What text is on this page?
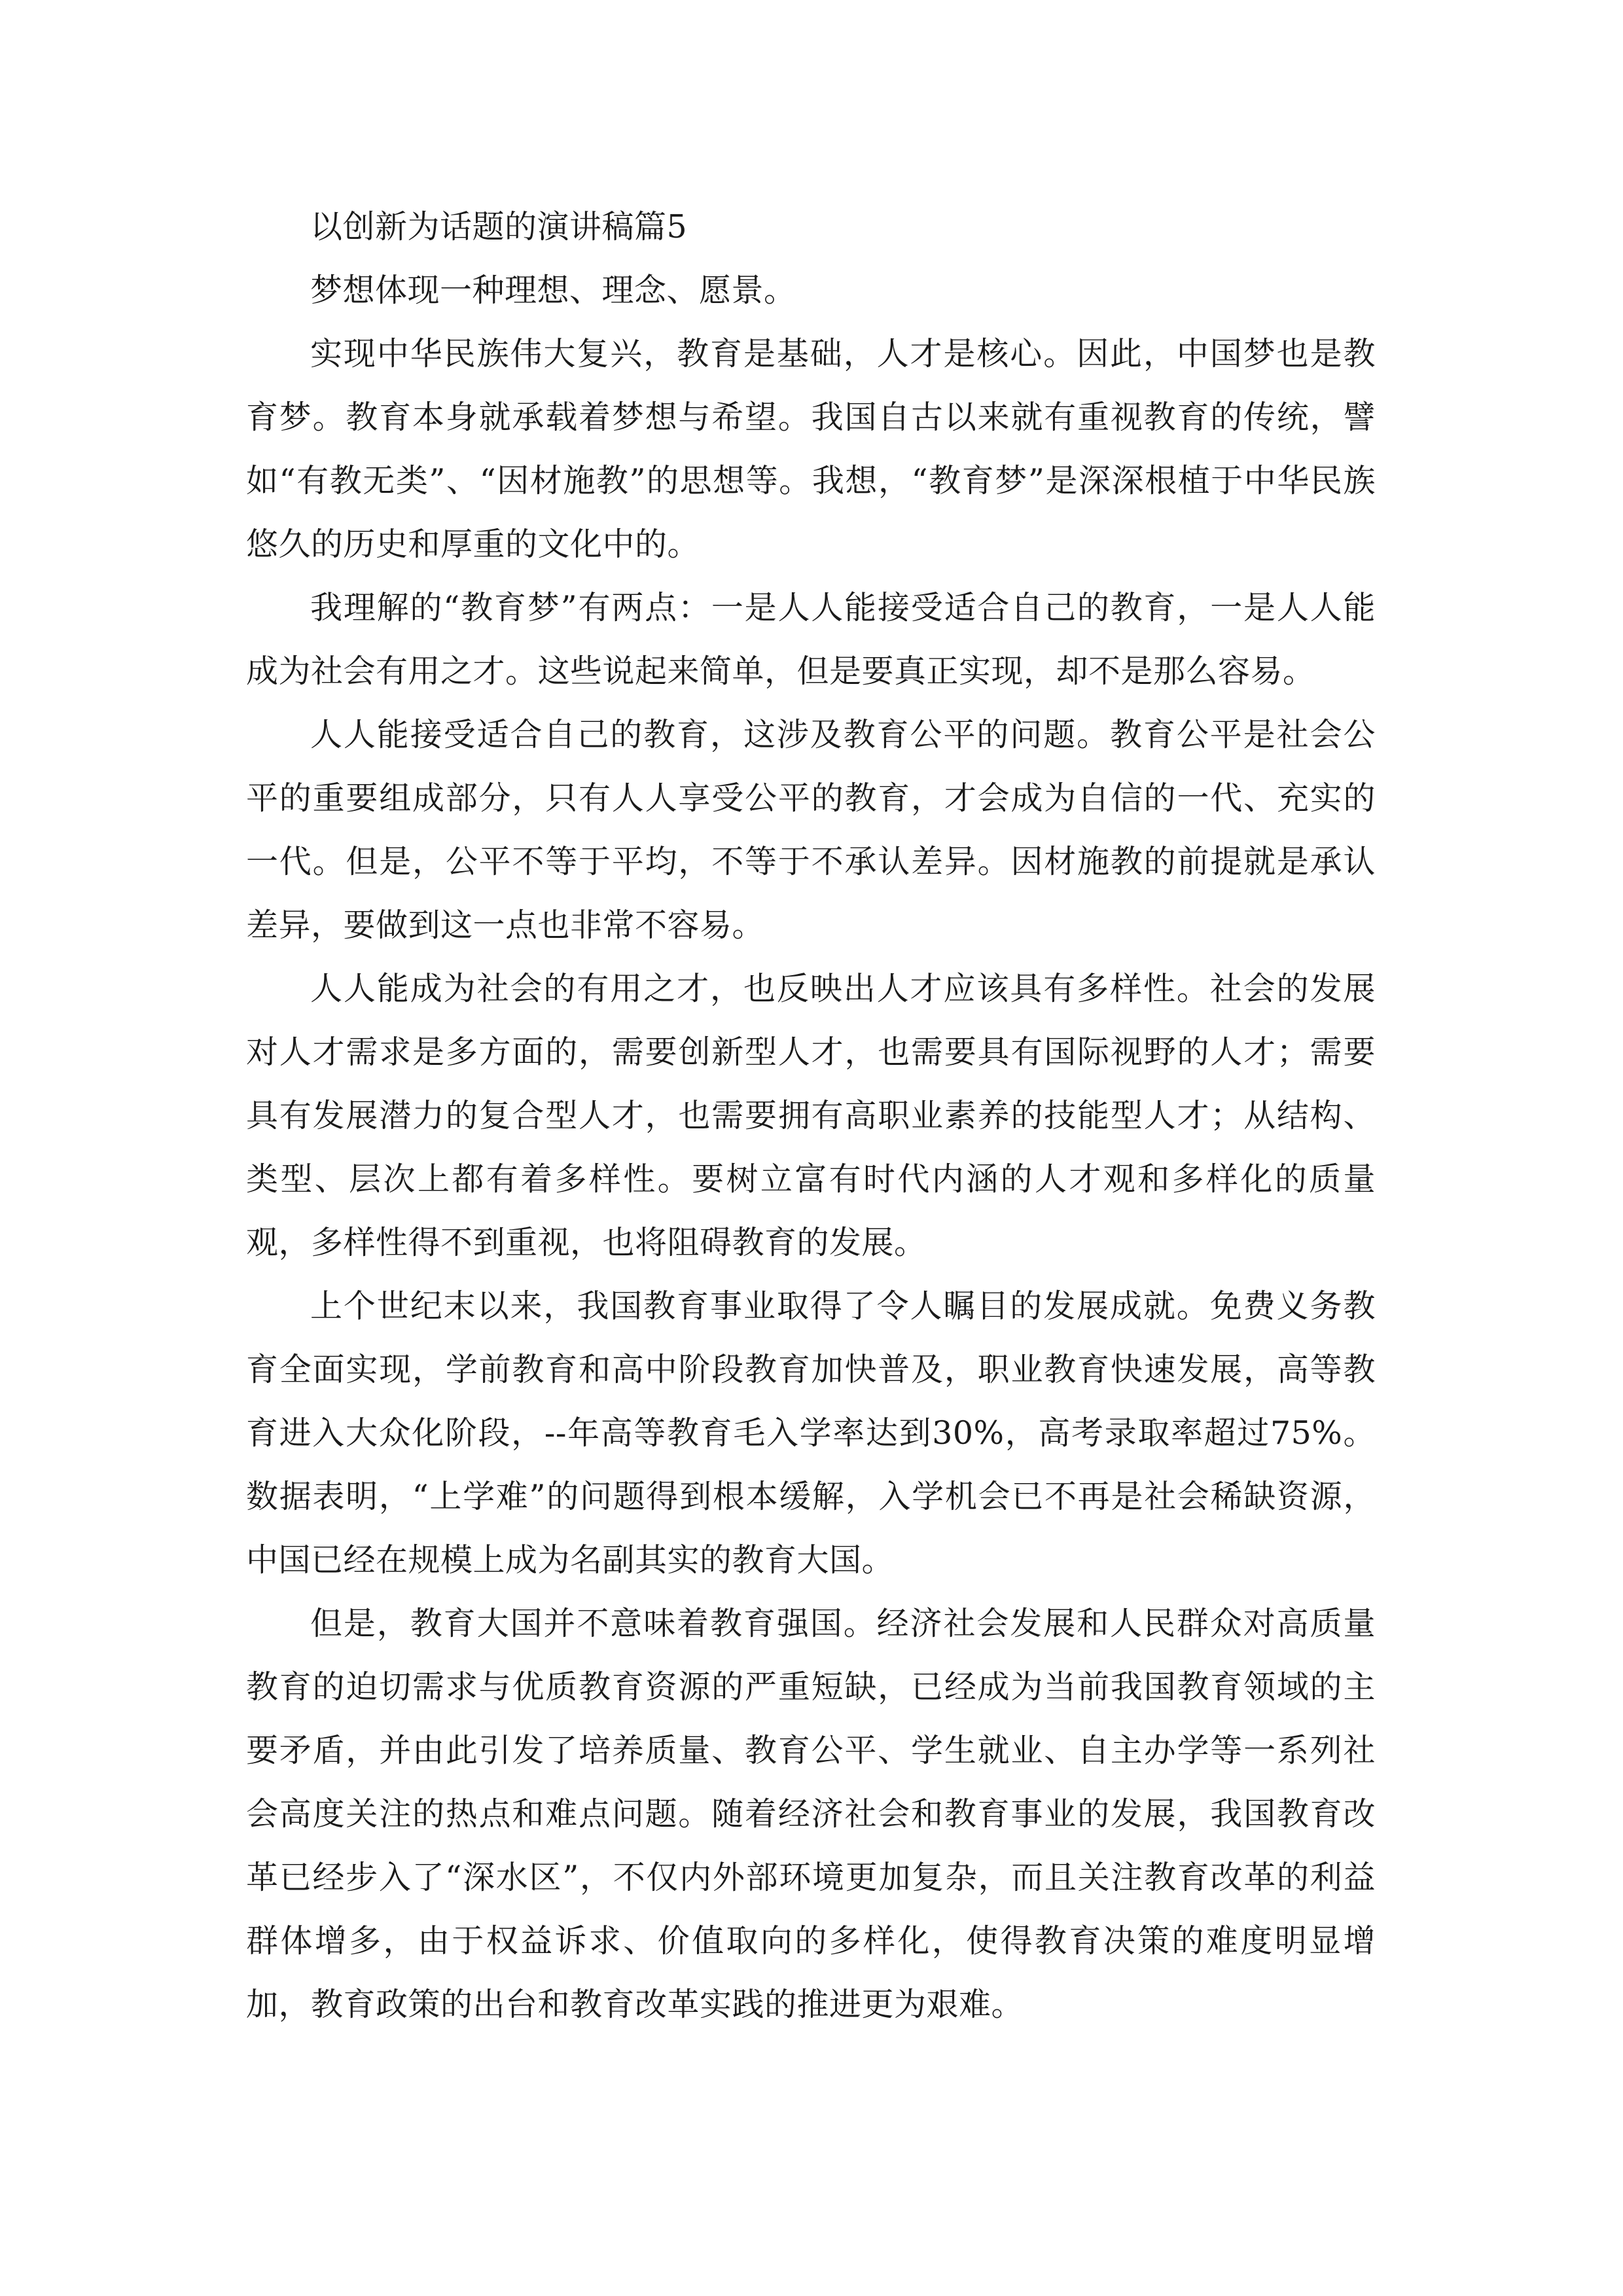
以创新为话题的演讲稿篇5

梦想体现一种理想、理念、愿景。

实现中华民族伟大复兴，教育是基础，人才是核心。因此，中国梦也是教育梦。教育本身就承载着梦想与希望。我国自古以来就有重视教育的传统，譬如“有教无类”、“因材施教”的思想等。我想，“教育梦”是深深根植于中华民族悠久的历史和厚重的文化中的。

我理解的“教育梦”有两点：一是人人能接受适合自己的教育，一是人人能成为社会有用之才。这些说起来简单，但是要真正实现，却不是那么容易。

人人能接受适合自己的教育，这涉及教育公平的问题。教育公平是社会公平的重要组成部分，只有人人享受公平的教育，才会成为自信的一代、充实的一代。但是，公平不等于平均，不等于不承认差异。因材施教的前提就是承认差异，要做到这一点也非常不容易。

人人能成为社会的有用之才，也反映出人才应该具有多样性。社会的发展对人才需求是多方面的，需要创新型人才，也需要具有国际视野的人才；需要具有发展潜力的复合型人才，也需要拥有高职业素养的技能型人才；从结构、类型、层次上都有着多样性。要树立富有时代内涵的人才观和多样化的质量观，多样性得不到重视，也将阻碍教育的发展。

上个世纪末以来，我国教育事业取得了令人瞩目的发展成就。免费义务教育全面实现，学前教育和高中阶段教育加快普及，职业教育快速发展，高等教育进入大众化阶段，--年高等教育毛入学率达到30%，高考录取率超过75%。数据表明，“上学难”的问题得到根本缓解，入学机会已不再是社会稀缺资源，中国已经在规模上成为名副其实的教育大国。

但是，教育大国并不意味着教育强国。经济社会发展和人民群众对高质量教育的迫切需求与优质教育资源的严重短缺，已经成为当前我国教育领域的主要矛盾，并由此引发了培养质量、教育公平、学生就业、自主办学等一系列社会高度关注的热点和难点问题。随着经济社会和教育事业的发展，我国教育改革已经步入了“深水区”，不仅内外部环境更加复杂，而且关注教育改革的利益群体增多，由于权益诉求、价值取向的多样化，使得教育决策的难度明显增加，教育政策的出台和教育改革实践的推进更为艰难。
